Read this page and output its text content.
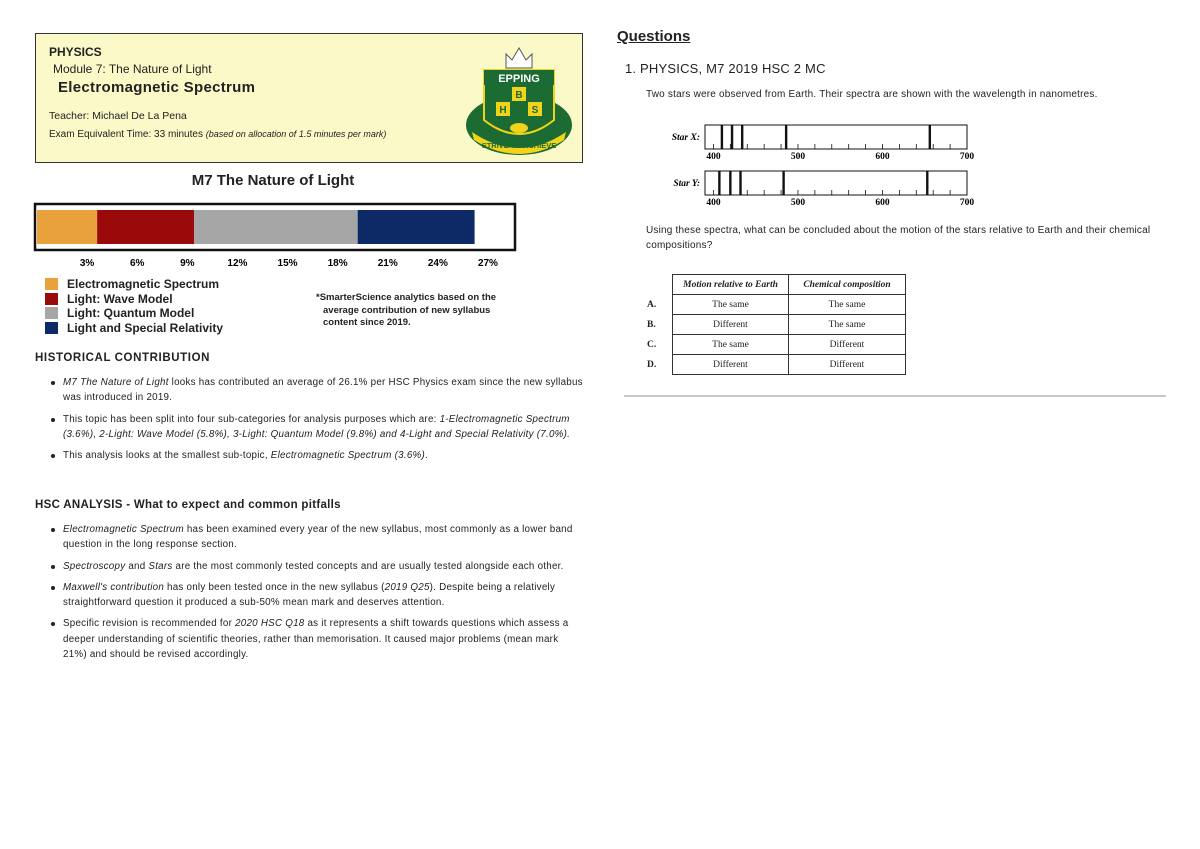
PHYSICS
Module 7: The Nature of Light
Electromagnetic Spectrum
Teacher: Michael De La Pena
Exam Equivalent Time: 33 minutes (based on allocation of 1.5 minutes per mark)
EPPING
B
H	S
STRIVE TO ACHIEVE
M7 The Nature of Light
3%	6%	9%	12%	15%	18%	21%	24%	27%
Electromagnetic Spectrum
Light: Wave Model
Light: Quantum Model
Light and Special Relativity
*SmarterScience analytics based on the
average contribution of new syllabus
content since 2019.
HISTORICAL CONTRIBUTION
M7 The Nature of Light looks has contributed an average of 26.1% per HSC Physics exam since the new syllabus was introduced in 2019.
This topic has been split into four sub-categories for analysis purposes which are: 1-Electromagnetic Spectrum (3.6%), 2-Light: Wave Model (5.8%), 3-Light: Quantum Model (9.8%) and 4-Light and Special Relativity (7.0%).
This analysis looks at the smallest sub-topic, Electromagnetic Spectrum (3.6%).
HSC ANALYSIS - What to expect and common pitfalls
Electromagnetic Spectrum has been examined every year of the new syllabus, most commonly as a lower band question in the long response section.
Spectroscopy and Stars are the most commonly tested concepts and are usually tested alongside each other.
Maxwell's contribution has only been tested once in the new syllabus (2019 Q25). Despite being a relatively straightforward question it produced a sub-50% mean mark and deserves attention.
Specific revision is recommended for 2020 HSC Q18 as it represents a shift towards questions which assess a deeper understanding of scientific theories, rather than memorisation. It caused major problems (mean mark 21%) and should be revised accordingly.
Questions
1. PHYSICS, M7 2019 HSC 2 MC
Two stars were observed from Earth. Their spectra are shown with the wavelength in nanometres.
Star X:
400	500	600	700
Star Y:
400	500	600	700
Using these spectra, what can be concluded about the motion of the stars relative to Earth and their chemical compositions?
	Motion relative to Earth	Chemical composition
A.	The same	The same
B.	Different	The same
C.	The same	Different
D.	Different	Different
